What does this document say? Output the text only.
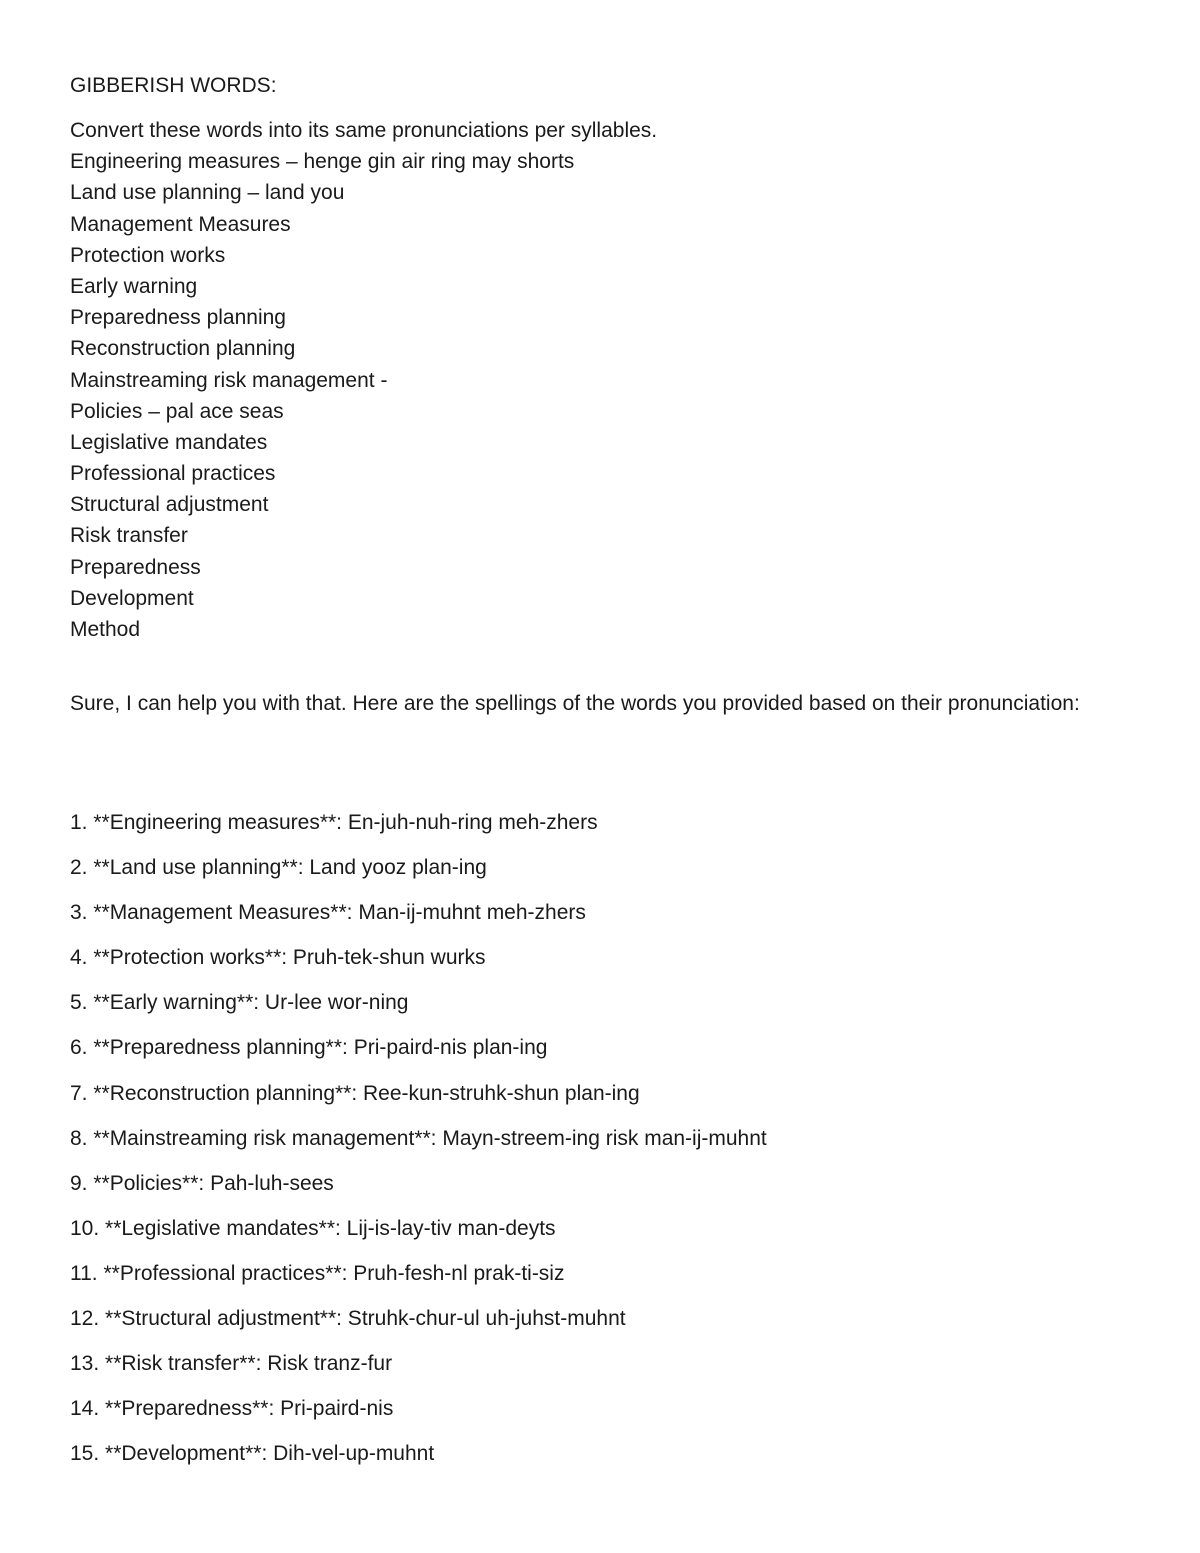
GIBBERISH WORDS:
Convert these words into its same pronunciations per syllables.
Engineering measures – henge gin air ring may shorts
Land use planning – land you
Management Measures
Protection works
Early warning
Preparedness planning
Reconstruction planning
Mainstreaming risk management -
Policies – pal ace seas
Legislative mandates
Professional practices
Structural adjustment
Risk transfer
Preparedness
Development
Method

Sure, I can help you with that. Here are the spellings of the words you provided based on their pronunciation:

1. **Engineering measures**: En-juh-nuh-ring meh-zhers
2. **Land use planning**: Land yooz plan-ing
3. **Management Measures**: Man-ij-muhnt meh-zhers
4. **Protection works**: Pruh-tek-shun wurks
5. **Early warning**: Ur-lee wor-ning
6. **Preparedness planning**: Pri-paird-nis plan-ing
7. **Reconstruction planning**: Ree-kun-struhk-shun plan-ing
8. **Mainstreaming risk management**: Mayn-streem-ing risk man-ij-muhnt
9. **Policies**: Pah-luh-sees
10. **Legislative mandates**: Lij-is-lay-tiv man-deyts
11. **Professional practices**: Pruh-fesh-nl prak-ti-siz
12. **Structural adjustment**: Struhk-chur-ul uh-juhst-muhnt
13. **Risk transfer**: Risk tranz-fur
14. **Preparedness**: Pri-paird-nis
15. **Development**: Dih-vel-up-muhnt
